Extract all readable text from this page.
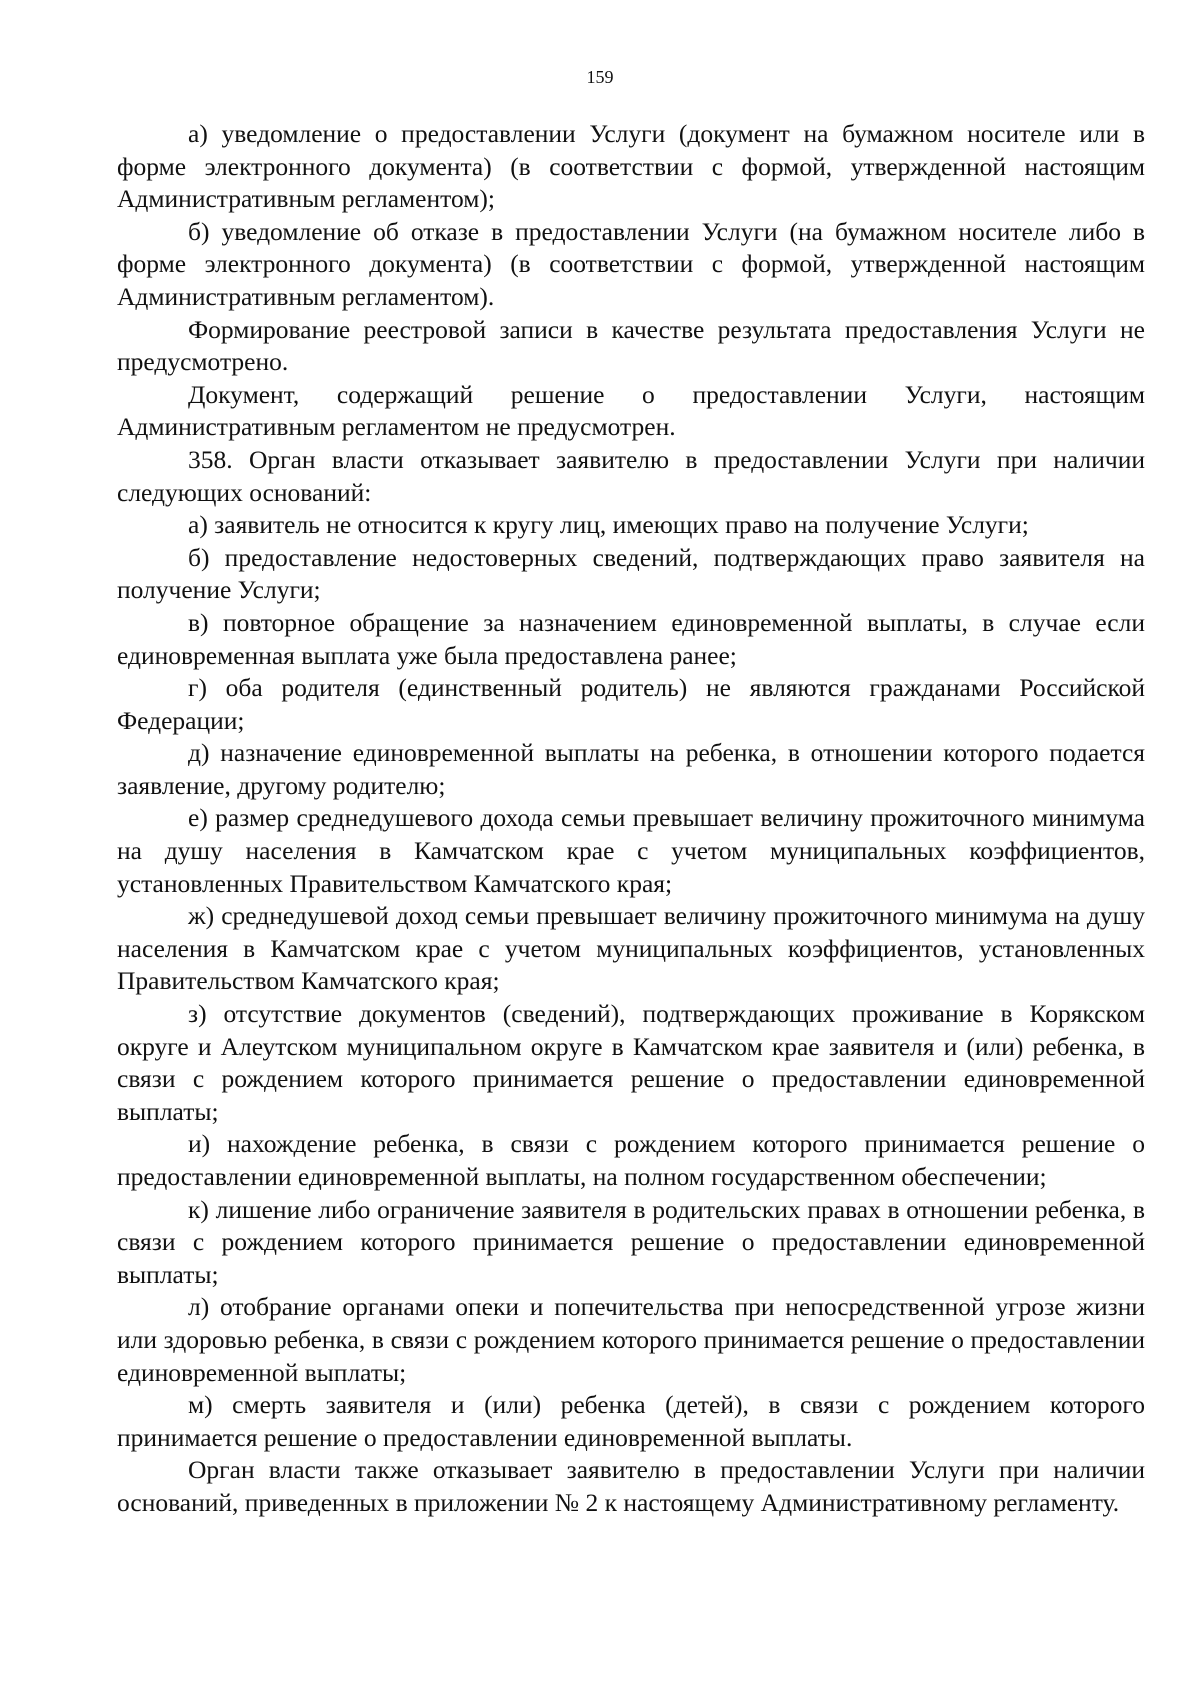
159

а) уведомление о предоставлении Услуги (документ на бумажном носителе или в форме электронного документа) (в соответствии с формой, утвержденной настоящим Административным регламентом);

б) уведомление об отказе в предоставлении Услуги (на бумажном носителе либо в форме электронного документа) (в соответствии с формой, утвержденной настоящим Административным регламентом).

Формирование реестровой записи в качестве результата предоставления Услуги не предусмотрено.

Документ, содержащий решение о предоставлении Услуги, настоящим Административным регламентом не предусмотрен.

358. Орган власти отказывает заявителю в предоставлении Услуги при наличии следующих оснований:

а) заявитель не относится к кругу лиц, имеющих право на получение Услуги;

б) предоставление недостоверных сведений, подтверждающих право заявителя на получение Услуги;

в) повторное обращение за назначением единовременной выплаты, в случае если единовременная выплата уже была предоставлена ранее;

г) оба родителя (единственный родитель) не являются гражданами Российской Федерации;

д) назначение единовременной выплаты на ребенка, в отношении которого подается заявление, другому родителю;

е) размер среднедушевого дохода семьи превышает величину прожиточного минимума на душу населения в Камчатском крае с учетом муниципальных коэффициентов, установленных Правительством Камчатского края;

ж) среднедушевой доход семьи превышает величину прожиточного минимума на душу населения в Камчатском крае с учетом муниципальных коэффициентов, установленных Правительством Камчатского края;

з) отсутствие документов (сведений), подтверждающих проживание в Корякском округе и Алеутском муниципальном округе в Камчатском крае заявителя и (или) ребенка, в связи с рождением которого принимается решение о предоставлении единовременной выплаты;

и) нахождение ребенка, в связи с рождением которого принимается решение о предоставлении единовременной выплаты, на полном государственном обеспечении;

к) лишение либо ограничение заявителя в родительских правах в отношении ребенка, в связи с рождением которого принимается решение о предоставлении единовременной выплаты;

л) отобрание органами опеки и попечительства при непосредственной угрозе жизни или здоровью ребенка, в связи с рождением которого принимается решение о предоставлении единовременной выплаты;

м) смерть заявителя и (или) ребенка (детей), в связи с рождением которого принимается решение о предоставлении единовременной выплаты.

Орган власти также отказывает заявителю в предоставлении Услуги при наличии оснований, приведенных в приложении № 2 к настоящему Административному регламенту.
